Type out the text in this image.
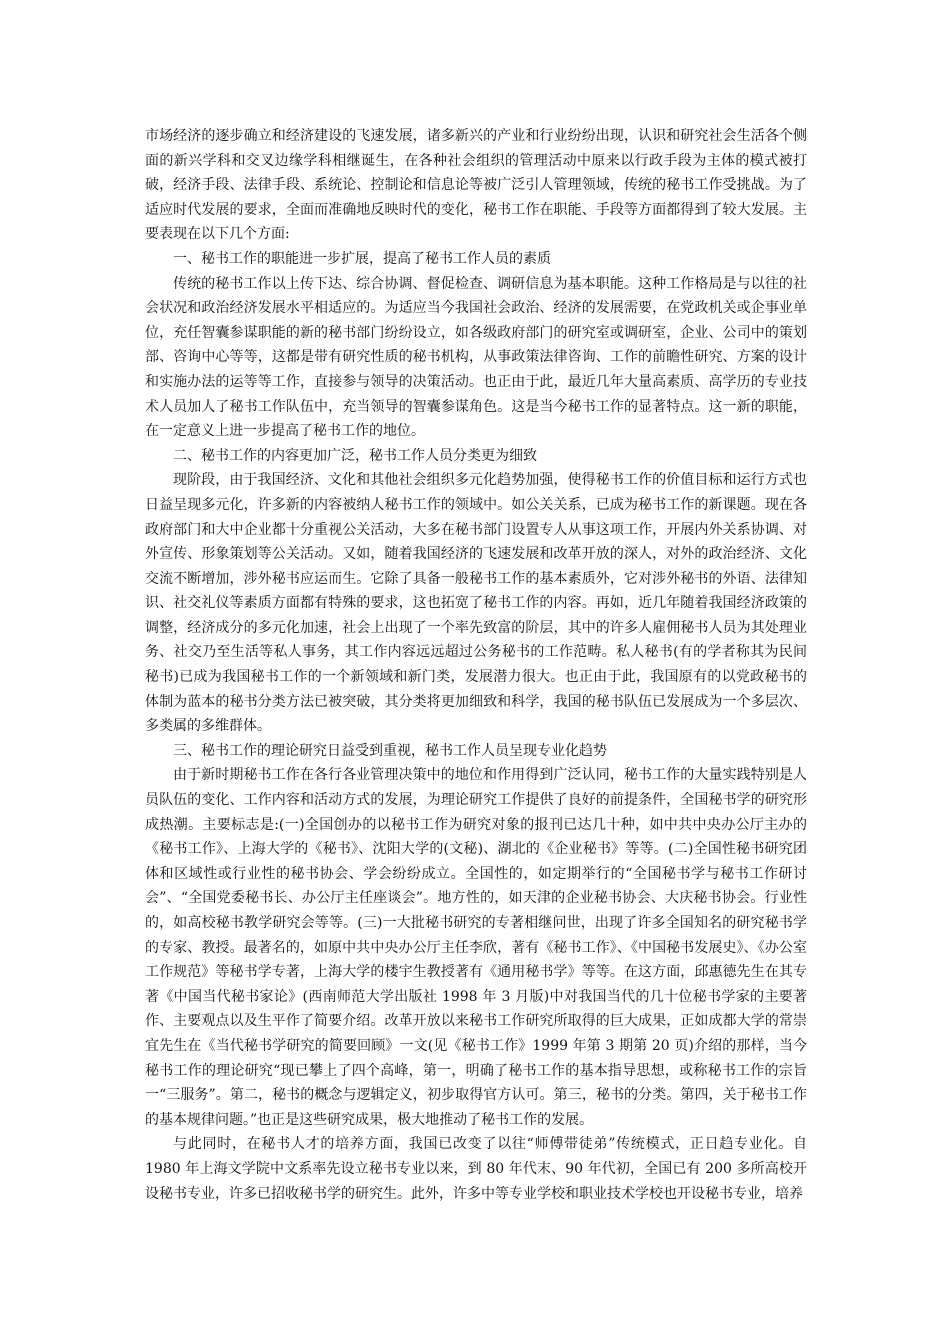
市场经济的逐步确立和经济建设的飞速发展，诸多新兴的产业和行业纷纷出现，认识和研究社会生活各个侧面的新兴学科和交叉边缘学科相继诞生，在各种社会组织的管理活动中原来以行政手段为主体的模式被打破，经济手段、法律手段、系统论、控制论和信息论等被广泛引人管理领域，传统的秘书工作受挑战。为了适应时代发展的要求，全面而准确地反映时代的变化，秘书工作在职能、手段等方面都得到了较大发展。主要表现在以下几个方面:

一、秘书工作的职能进一步扩展，提高了秘书工作人员的素质

传统的秘书工作以上传下达、综合协调、督促检查、调研信息为基本职能。这种工作格局是与以往的社会状况和政治经济发展水平相适应的。为适应当今我国社会政治、经济的发展需要，在党政机关或企事业单位，充任智囊参谋职能的新的秘书部门纷纷设立，如各级政府部门的研究室或调研室，企业、公司中的策划部、咨询中心等等，这都是带有研究性质的秘书机构，从事政策法律咨询、工作的前瞻性研究、方案的设计和实施办法的运等等工作，直接参与领导的决策活动。也正由于此，最近几年大量高素质、高学历的专业技术人员加人了秘书工作队伍中，充当领导的智囊参谋角色。这是当今秘书工作的显著特点。这一新的职能，在一定意义上进一步提高了秘书工作的地位。

二、秘书工作的内容更加广泛，秘书工作人员分类更为细致

现阶段，由于我国经济、文化和其他社会组织多元化趋势加强，使得秘书工作的价值目标和运行方式也日益呈现多元化，许多新的内容被纳人秘书工作的领域中。如公关关系，已成为秘书工作的新课题。现在各政府部门和大中企业都十分重视公关活动，大多在秘书部门设置专人从事这项工作，开展内外关系协调、对外宣传、形象策划等公关活动。又如，随着我国经济的飞速发展和改革开放的深人，对外的政治经济、文化交流不断增加，涉外秘书应运而生。它除了具备一般秘书工作的基本素质外，它对涉外秘书的外语、法律知识、社交礼仪等素质方面都有特殊的要求，这也拓宽了秘书工作的内容。再如，近几年随着我国经济政策的调整，经济成分的多元化加速，社会上出现了一个率先致富的阶层，其中的许多人雇佣秘书人员为其处理业务、社交乃至生活等私人事务，其工作内容远远超过公务秘书的工作范畴。私人秘书(有的学者称其为民间秘书)已成为我国秘书工作的一个新领域和新门类，发展潜力很大。也正由于此，我国原有的以党政秘书的体制为蓝本的秘书分类方法已被突破，其分类将更加细致和科学，我国的秘书队伍已发展成为一个多层次、多类属的多维群体。

三、秘书工作的理论研究日益受到重视，秘书工作人员呈现专业化趋势

由于新时期秘书工作在各行各业管理决策中的地位和作用得到广泛认同，秘书工作的大量实践特别是人员队伍的变化、工作内容和活动方式的发展，为理论研究工作提供了良好的前提条件，全国秘书学的研究形成热潮。主要标志是:(一)全国创办的以秘书工作为研究对象的报刊已达几十种，如中共中央办公厅主办的《秘书工作》、上海大学的《秘书》、沈阳大学的(文秘)、湖北的《企业秘书》等等。(二)全国性秘书研究团体和区域性或行业性的秘书协会、学会纷纷成立。全国性的，如定期举行的“全国秘书学与秘书工作研讨会”、“全国党委秘书长、办公厅主任座谈会”。地方性的，如天津的企业秘书协会、大庆秘书协会。行业性的，如高校秘书教学研究会等等。(三)一大批秘书研究的专著相继问世，出现了许多全国知名的研究秘书学的专家、教授。最著名的，如原中共中央办公厅主任李欣，著有《秘书工作》、《中国秘书发展史》、《办公室工作规范》等秘书学专著，上海大学的楼宇生教授著有《通用秘书学》等等。在这方面，邱惠德先生在其专著《中国当代秘书家论》(西南师范大学出版社 1998 年 3 月版)中对我国当代的几十位秘书学家的主要著作、主要观点以及生平作了简要介绍。改革开放以来秘书工作研究所取得的巨大成果，正如成都大学的常崇宜先生在《当代秘书学研究的简要回顾》一文(见《秘书工作》1999 年第 3 期第 20 页)介绍的那样，当今秘书工作的理论研究“现已攀上了四个高峰，第一，明确了秘书工作的基本指导思想，或称秘书工作的宗旨一“三服务”。第二，秘书的概念与逻辑定义，初步取得官方认可。第三，秘书的分类。第四，关于秘书工作的基本规律问题。”也正是这些研究成果，极大地推动了秘书工作的发展。

与此同时，在秘书人才的培养方面，我国已改变了以往“师傅带徒弟”传统模式，正日趋专业化。自 1980 年上海文学院中文系率先设立秘书专业以来，到 80 年代末、90 年代初，全国已有 200 多所高校开设秘书专业，许多已招收秘书学的研究生。此外，许多中等专业学校和职业技术学校也开设秘书专业，培养
